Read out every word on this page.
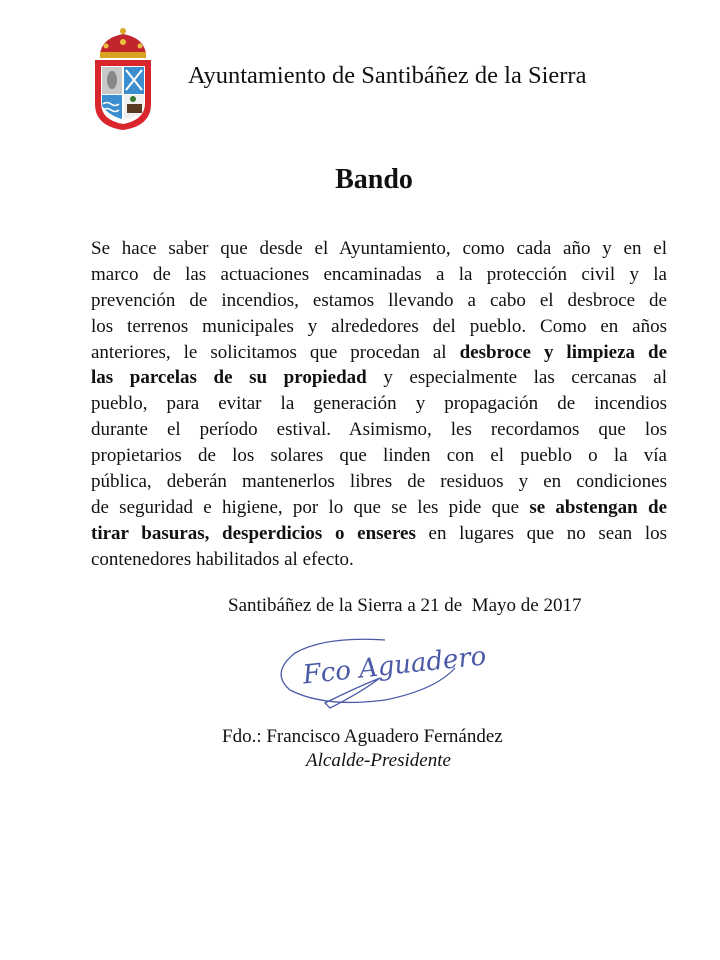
Ayuntamiento de Santibáñez de la Sierra
Bando
Se hace saber que desde el Ayuntamiento, como cada año y en el
marco de las actuaciones encaminadas a la protección civil y la
prevención de incendios, estamos llevando a cabo el desbroce de
los terrenos municipales y alrededores del pueblo. Como en años
anteriores, le solicitamos que procedan al desbroce y limpieza de
las parcelas de su propiedad y especialmente las cercanas al
pueblo, para evitar la generación y propagación de incendios
durante el período estival. Asimismo, les recordamos que los
propietarios de los solares que linden con el pueblo o la vía
pública, deberán mantenerlos libres de residuos y en condiciones
de seguridad e higiene, por lo que se les pide que se abstengan de
tirar basuras, desperdicios o enseres en lugares que no sean los
contenedores habilitados al efecto.
Santibáñez de la Sierra a 21 de  Mayo de 2017
Fco Aguadero
Fdo.: Francisco Aguadero Fernández
Alcalde-Presidente
